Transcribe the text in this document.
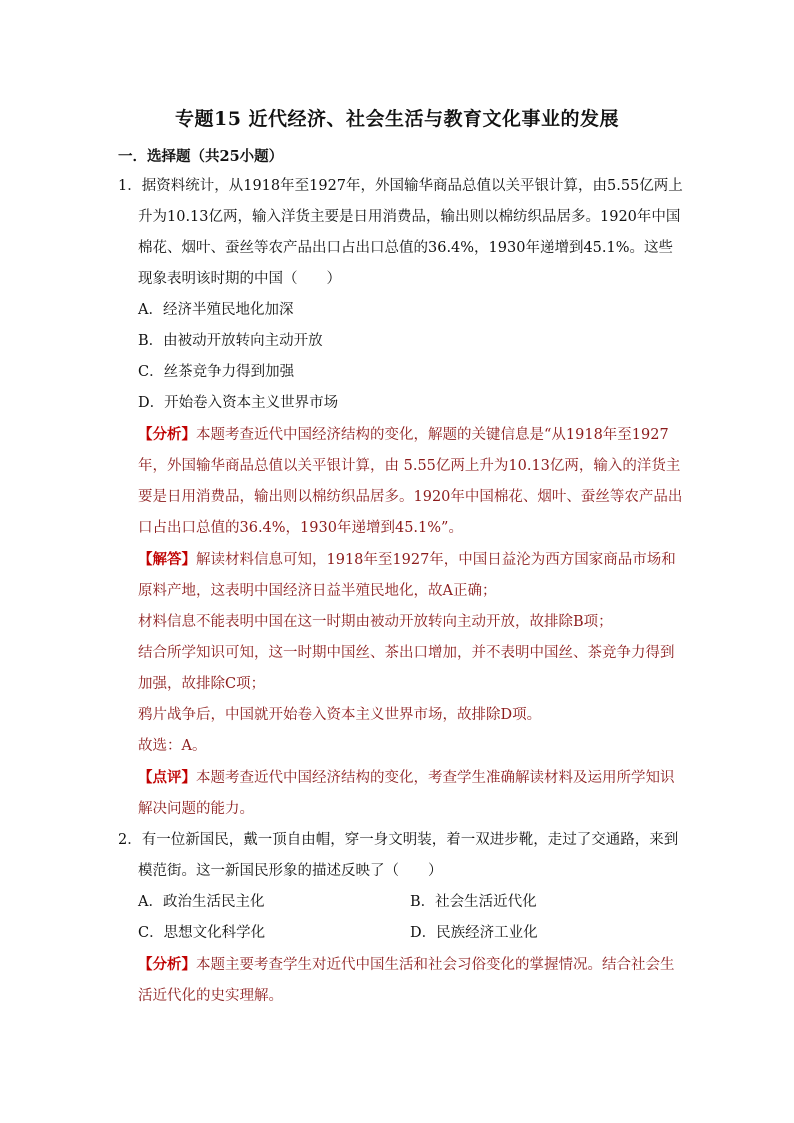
专题15 近代经济、社会生活与教育文化事业的发展
一．选择题（共25小题）
1．据资料统计，从1918年至1927年，外国输华商品总值以关平银计算，由5.55亿两上升为10.13亿两，输入洋货主要是日用消费品，输出则以棉纺织品居多。1920年中国棉花、烟叶、蚕丝等农产品出口占出口总值的36.4%，1930年递增到45.1%。这些现象表明该时期的中国（　　）
A．经济半殖民地化加深
B．由被动开放转向主动开放
C．丝茶竞争力得到加强
D．开始卷入资本主义世界市场
【分析】本题考查近代中国经济结构的变化，解题的关键信息是“从1918年至1927年，外国输华商品总值以关平银计算，由 5.55亿两上升为10.13亿两，输入的洋货主要是日用消费品，输出则以棉纺织品居多。1920年中国棉花、烟叶、蚕丝等农产品出口占出口总值的36.4%，1930年递增到45.1%”。
【解答】解读材料信息可知，1918年至1927年，中国日益沦为西方国家商品市场和原料产地，这表明中国经济日益半殖民地化，故A正确；
材料信息不能表明中国在这一时期由被动开放转向主动开放，故排除B项；
结合所学知识可知，这一时期中国丝、茶出口增加，并不表明中国丝、茶竞争力得到加强，故排除C项；
鸦片战争后，中国就开始卷入资本主义世界市场，故排除D项。
故选：A。
【点评】本题考查近代中国经济结构的变化，考查学生准确解读材料及运用所学知识解决问题的能力。
2．有一位新国民，戴一顶自由帽，穿一身文明装，着一双进步靴，走过了交通路，来到模范街。这一新国民形象的描述反映了（　　）
A．政治生活民主化	B．社会生活近代化
C．思想文化科学化	D．民族经济工业化
【分析】本题主要考查学生对近代中国生活和社会习俗变化的掌握情况。结合社会生活近代化的史实理解。
